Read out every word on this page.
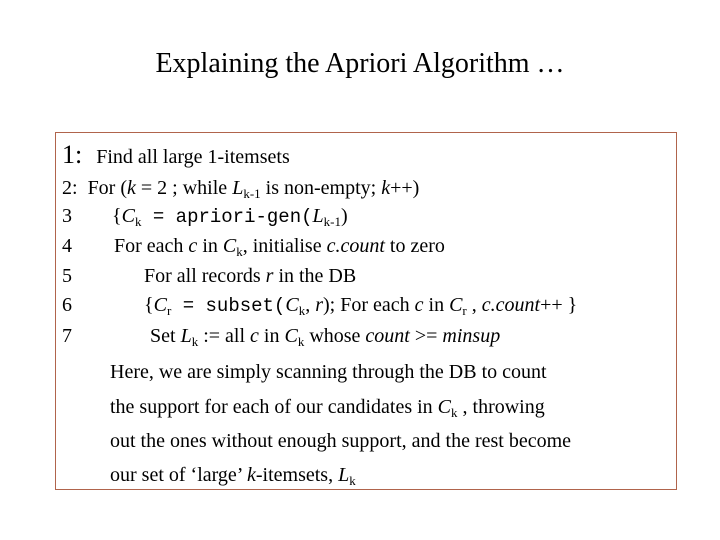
Explaining the Apriori Algorithm …
1: Find all large 1-itemsets
2: For (k = 2 ; while $L_{k-1}$ is non-empty; k++)
3 {$C_k$ = apriori-$gen(L_{k-1})$
4 For each c in $C_k$, initialise c.count to zero
5	For all records r in the DB
6	{$C_r$ = $subset(C_k$, r); For each c in $C_r$ , c.count++ }
7	Set $L_k$ := all c in $C_k$ whose count >= minsup
Here, we are simply scanning through the DB to count
the support for each of our candidates in $C_k$ , throwing
out the ones without enough support, and the rest become
our set of ‘large’ k-itemsets, $L_k$
